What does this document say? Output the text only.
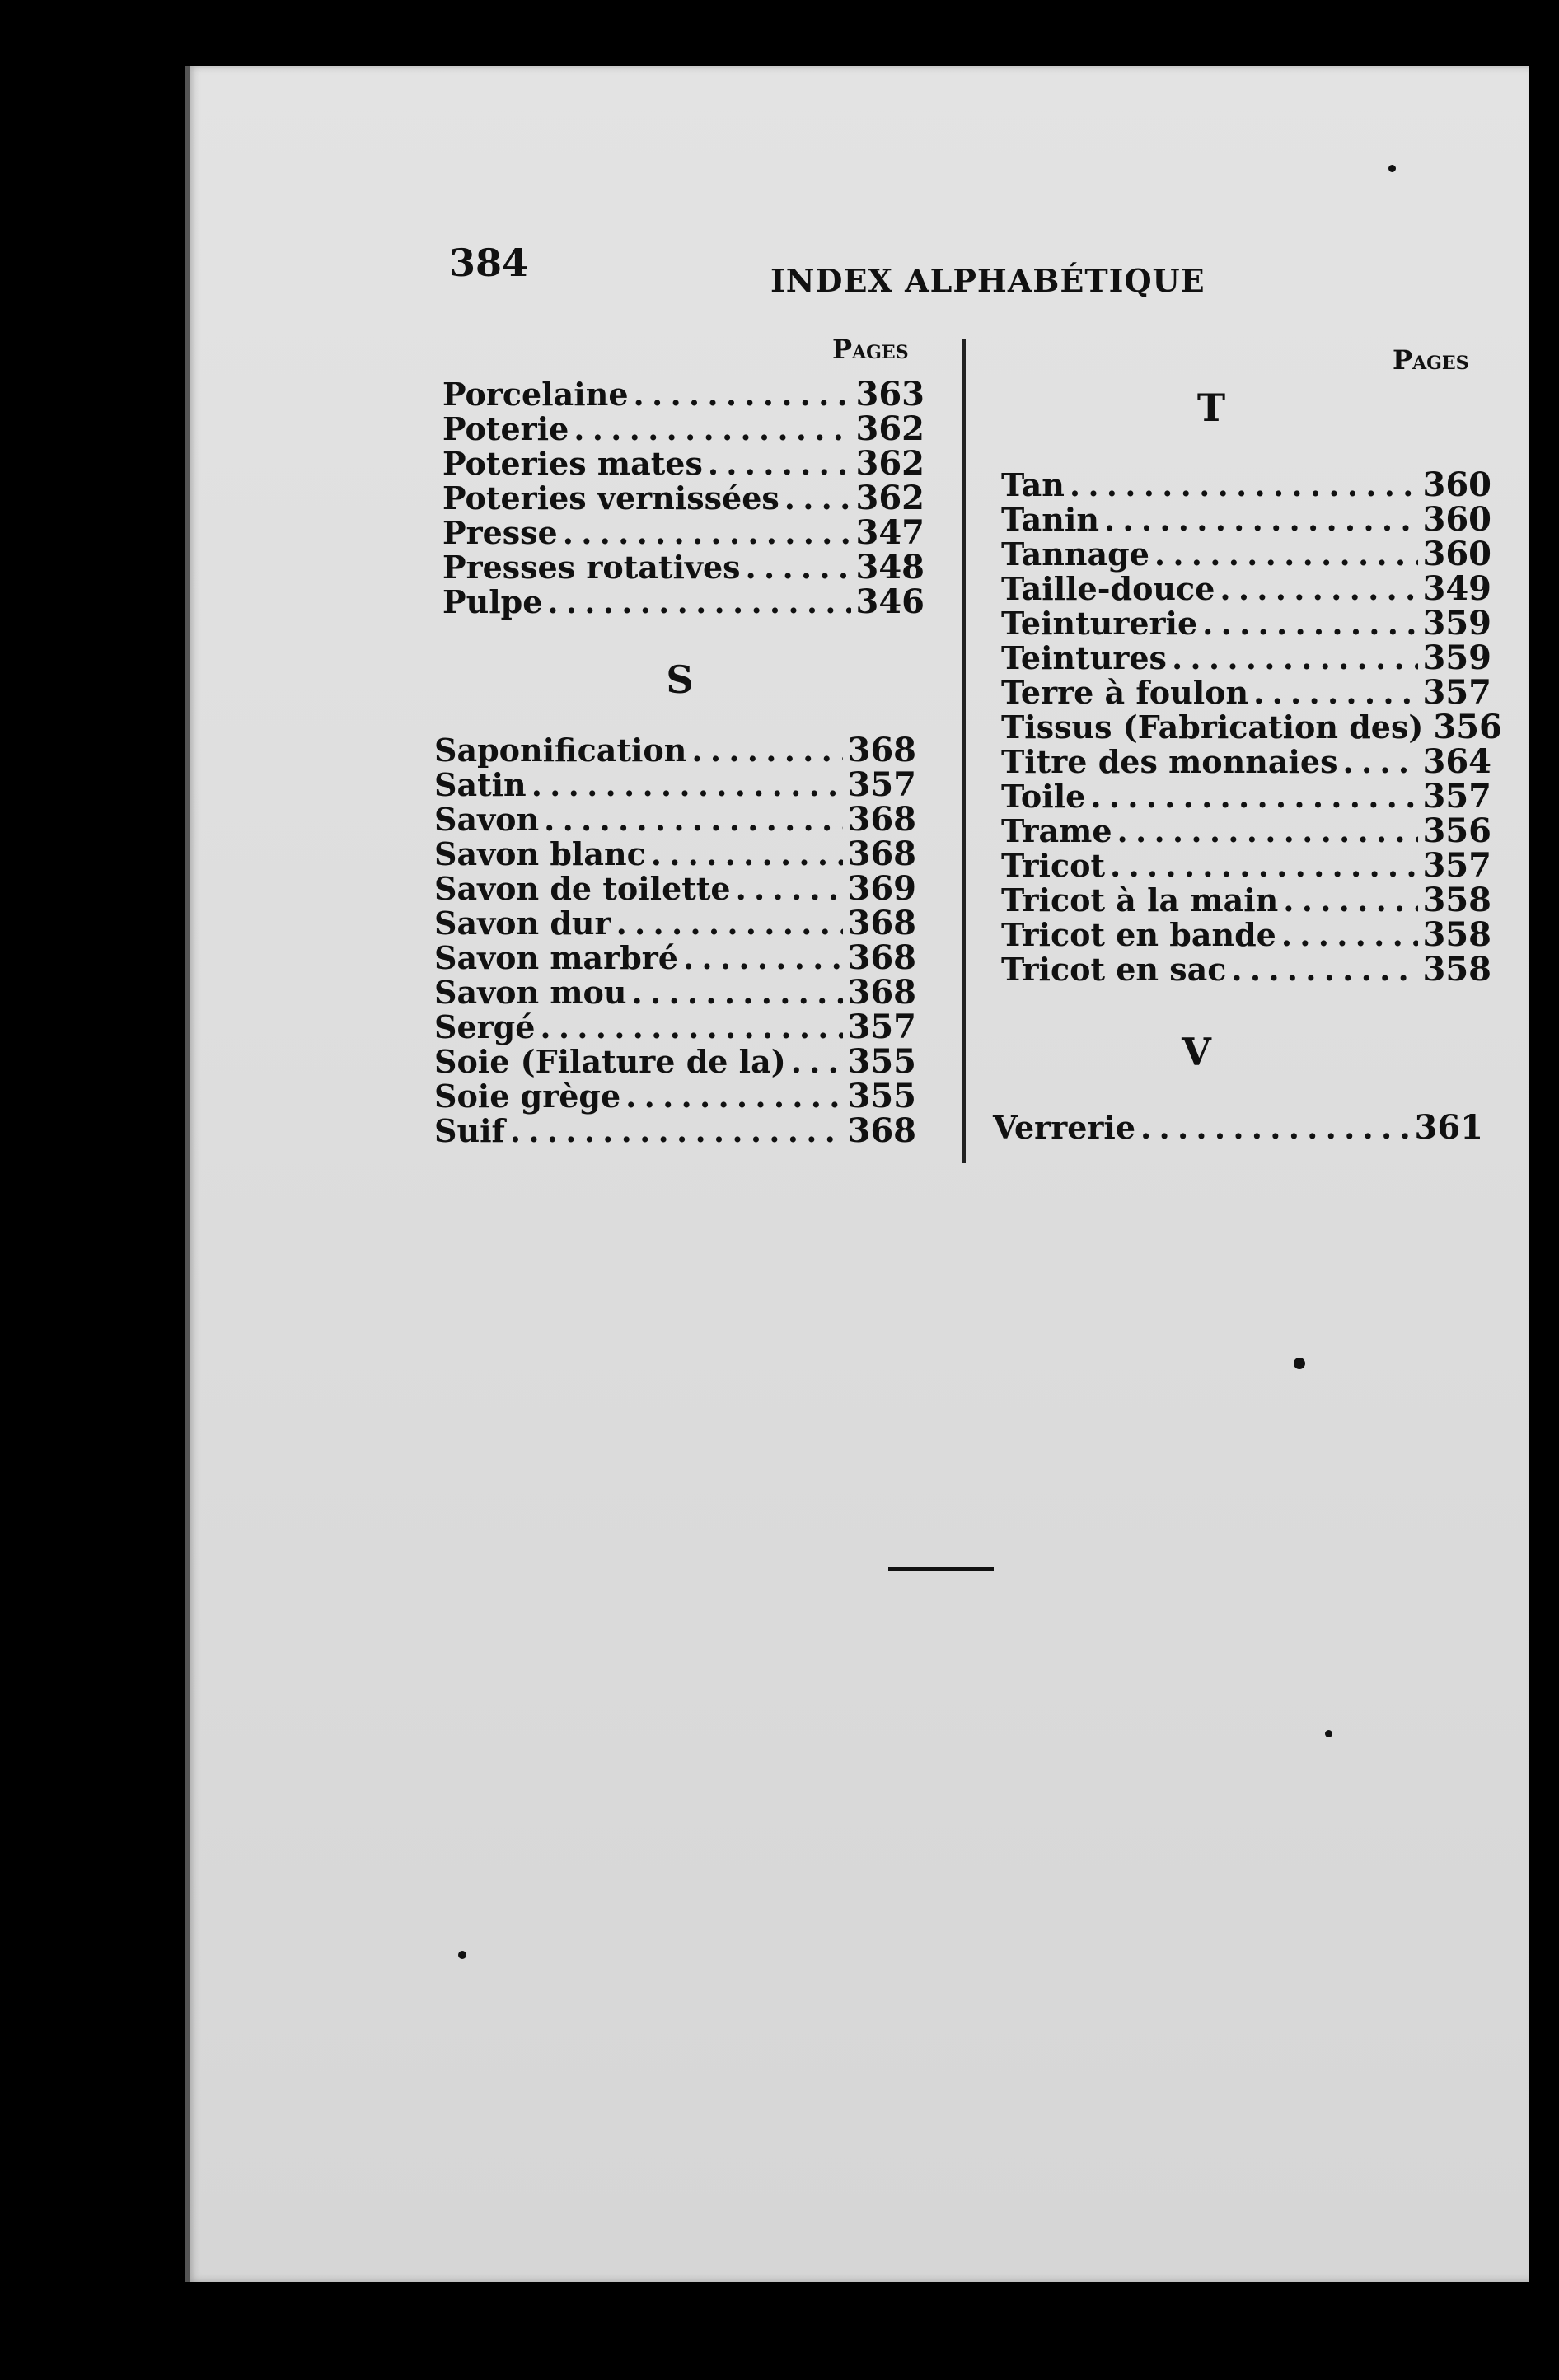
384	INDEX ALPHABÉTIQUE
Pages	Pages
Porcelaine . . .	363
Poterie . . .	362
Poteries mates . . .	362
Poteries vernissées . . . 362
Presse . . .	347
Presses rotatives . . .	348
Pulpe . . .	346
S
Saponification . . .	368
Satin . . .	357
Savon . . .	368
Savon blanc . . .	368
Savon de toilette . . .	369
Savon dur . . .	368
Savon marbré . . .	368
Savon mou . . .	368
Sergé . . .	357
Soie (Filature de la) . . . 355
Soie grège . . .	355
Suif . . .	368
T
Tan . . .	360
Tanin . . .	360
Tannage . . .	360
Taille-douce . . .	349
Teinturerie . . .	359
Teintures . . .	359
Terre à foulon . . .	357
Tissus (Fabrication des) 356
Titre des monnaies . . .	364
Toile . . .	357
Trame . . .	356
Tricot . . .	357
Tricot à la main . . .	358
Tricot en bande . . .	358
Tricot en sac . . .	358
V
Verrerie . . .	361
